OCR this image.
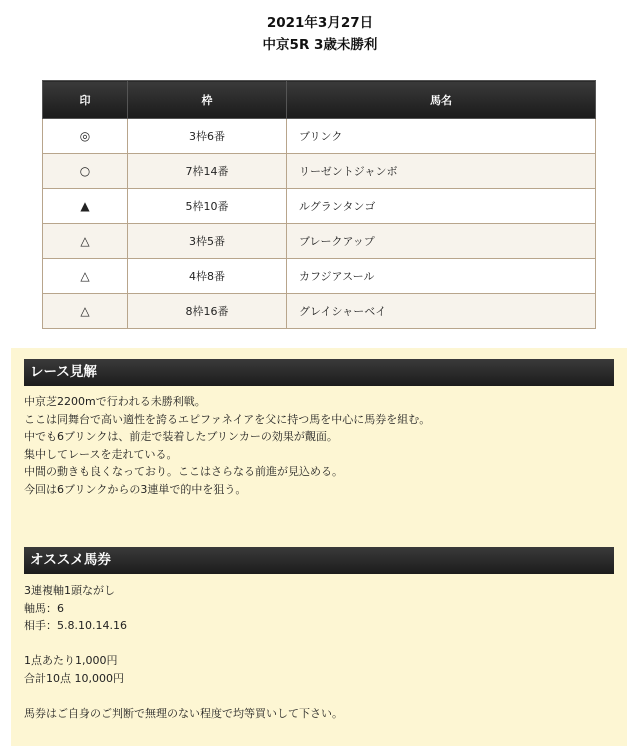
2021年3月27日
中京5R 3歳未勝利
印	枠	馬名
◎	3枠6番	ブリンク
○	7枠14番	リーゼントジャンボ
▲	5枠10番	ルグランタンゴ
△	3枠5番	ブレークアップ
△	4枠8番	カフジアスール
△	8枠16番	グレイシャーベイ
レース見解
中京芝2200mで行われる未勝利戦。
ここは同舞台で高い適性を誇るエピファネイアを父に持つ馬を中心に馬券を組む。
中でも6ブリンクは、前走で装着したブリンカーの効果が覿面。
集中してレースを走れている。
中間の動きも良くなっており。ここはさらなる前進が見込める。
今回は6ブリンクからの3連単で的中を狙う。
オススメ馬券
3連複軸1頭ながし
軸馬：6
相手：5.8.10.14.16
1点あたり1,000円
合計10点 10,000円
馬券はご自身のご判断で無理のない程度で均等買いして下さい。
